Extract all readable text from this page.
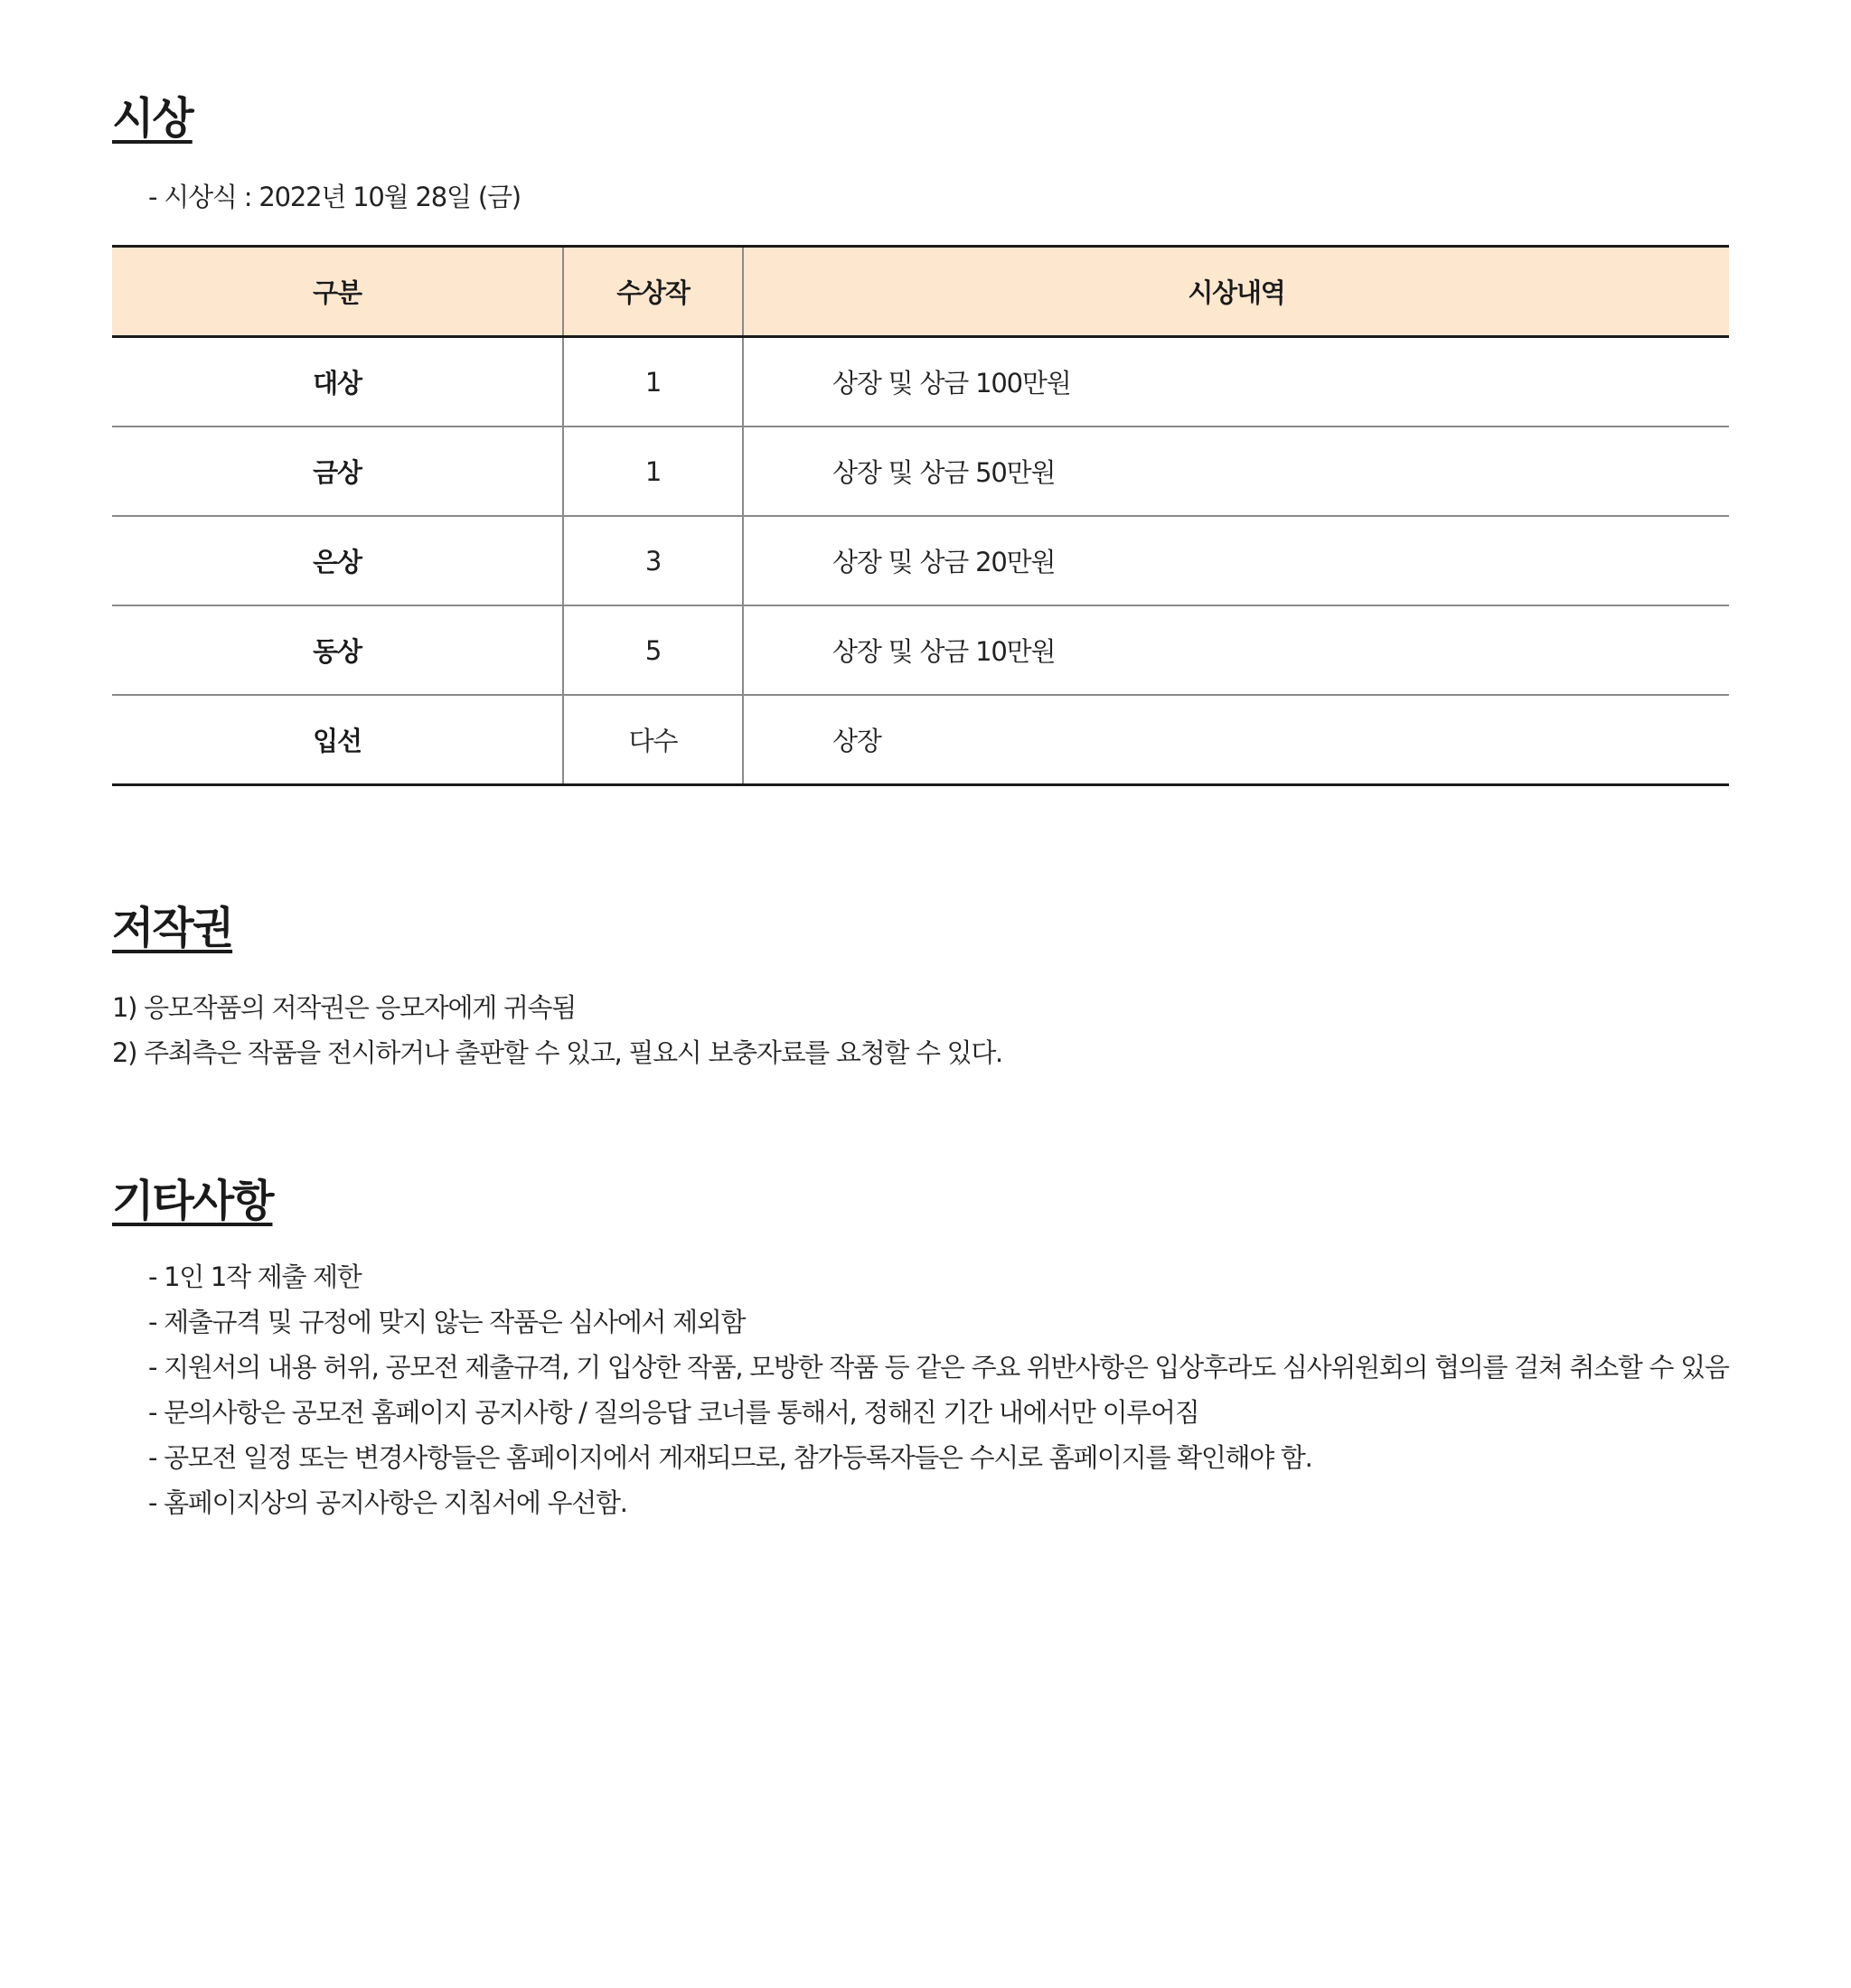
시상
- 시상식 : 2022년 10월 28일 (금)
구분	수상작	시상내역
대상	1	상장 및 상금 100만원
금상	1	상장 및 상금 50만원
은상	3	상장 및 상금 20만원
동상	5	상장 및 상금 10만원
입선	다수	상장
저작권
1) 응모작품의 저작권은 응모자에게 귀속됨
2) 주최측은 작품을 전시하거나 출판할 수 있고, 필요시 보충자료를 요청할 수 있다.
기타사항
- 1인 1작 제출 제한
- 제출규격 및 규정에 맞지 않는 작품은 심사에서 제외함
- 지원서의 내용 허위, 공모전 제출규격, 기 입상한 작품, 모방한 작품 등 같은 주요 위반사항은 입상후라도 심사위원회의 협의를 걸쳐 취소할 수 있음
- 문의사항은 공모전 홈페이지 공지사항 / 질의응답 코너를 통해서, 정해진 기간 내에서만 이루어짐
- 공모전 일정 또는 변경사항들은 홈페이지에서 게재되므로, 참가등록자들은 수시로 홈페이지를 확인해야 함.
- 홈페이지상의 공지사항은 지침서에 우선함.
